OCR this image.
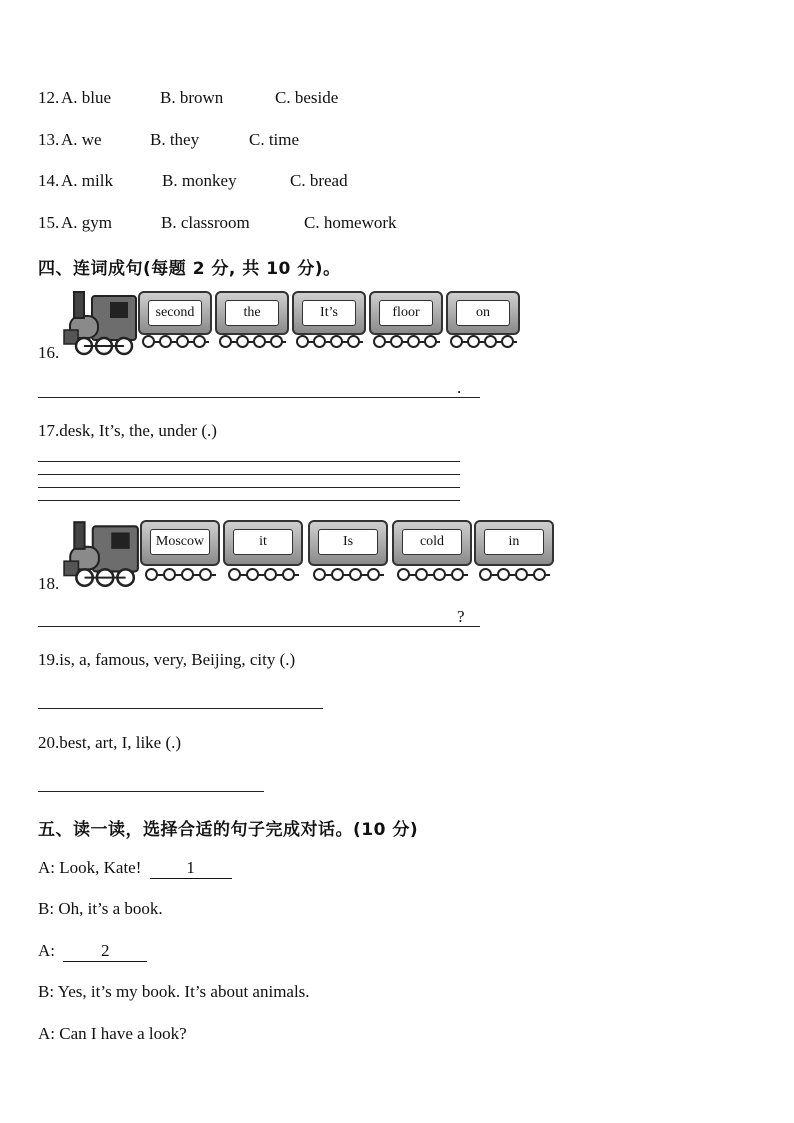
12. A. blue	B. brown	C. beside
13. A. we	B. they	C. time
14. A. milk	B. monkey	C. bread
15. A. gym	B. classroom	C. homework
四、连词成句(每题 2 分, 共 10 分)。
16.
second	the	It’s	floor	on
.
17.desk, It’s, the, under (.)
18.
Moscow	it	Is	cold	in
?
19.is, a, famous, very, Beijing, city (.)
20.best, art, I, like (.)
五、读一读，选择合适的句子完成对话。(10 分)
A: Look, Kate! 1
B: Oh, it’s a book.
A:	2
B: Yes, it’s my book. It’s about animals.
A: Can I have a look?
